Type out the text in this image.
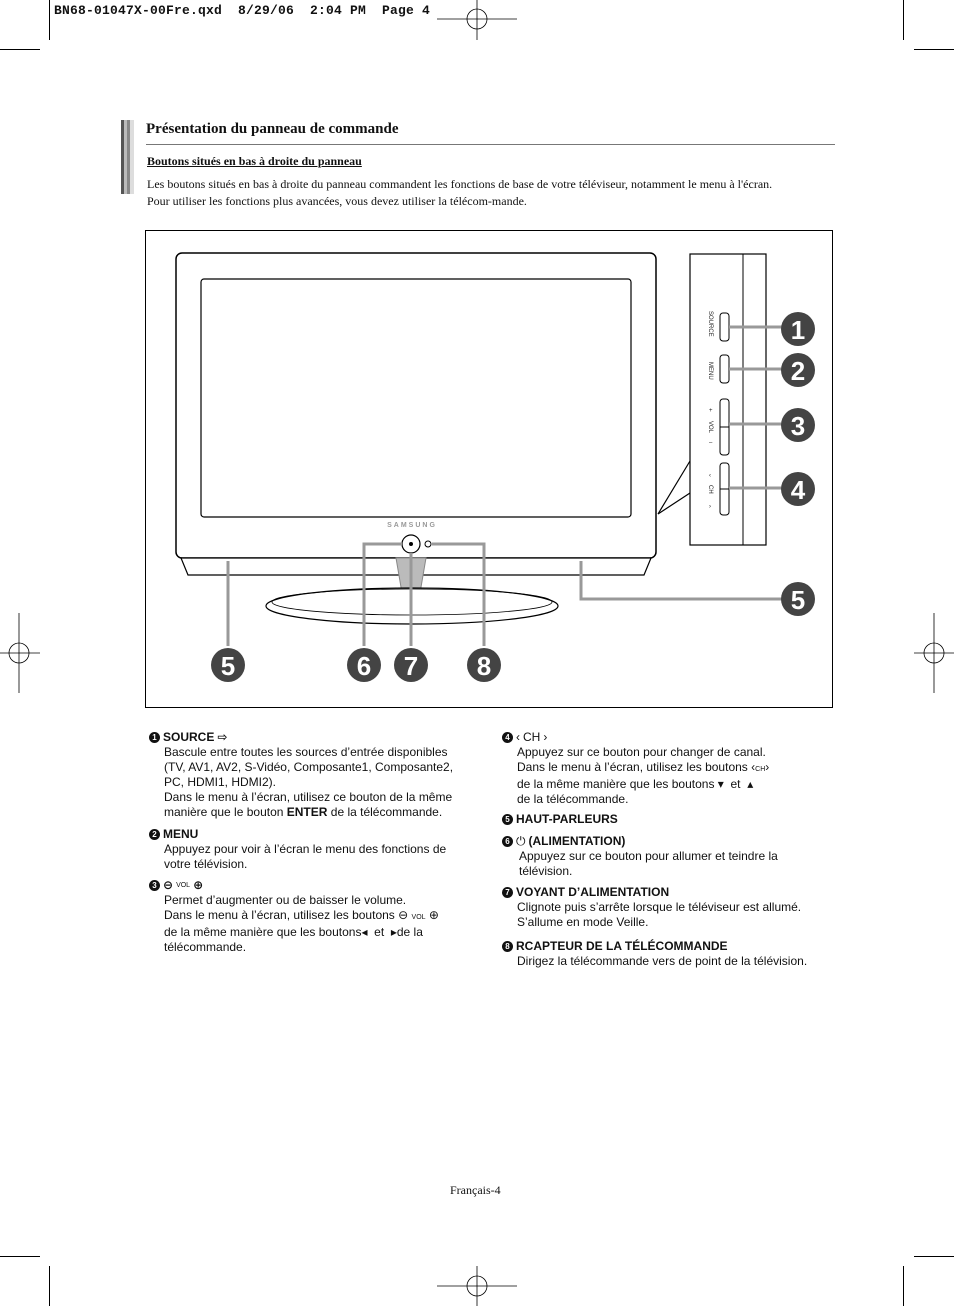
BN68-01047X-00Fre.qxd  8/29/06  2:04 PM  Page 4
Présentation du panneau de commande
Boutons situés en bas à droite du panneau

Les boutons situés en bas à droite du panneau commandent les fonctions de base de votre téléviseur, notamment le menu à l'écran.

Pour utiliser les fonctions plus avancées, vous devez utiliser la télécom-mande.

SAMSUNG
SOURCE
MENU
VOL
CH
+
–
‹
›
1
2
3
4
5
5	6 7 8
1 SOURCE ⇨

Bascule entre toutes les sources d’entrée disponibles

(TV, AV1, AV2, S-Vidéo, Composante1, Composante2,

PC, HDMI1, HDMI2).

Dans le menu à l’écran, utilisez ce bouton de la même

manière que le bouton ENTER de la télécommande.

2 MENU

Appuyez pour voir à l’écran le menu des fonctions de

votre télévision.

3 ⊖ VOL ⊕

Permet d’augmenter ou de baisser le volume.

Dans le menu à l’écran, utilisez les boutons ⊖ VOL ⊕

de la même manière que les boutons◂ et ▸de la

télécommande.

4 ‹ CH ›

Appuyez sur ce bouton pour changer de canal.

Dans le menu à l’écran, utilisez les boutons ‹CH›

de la même manière que les boutons ▾ et ▴

de la télécommande.

5 HAUT-PARLEURS
6 ⏻ (ALIMENTATION)

Appuyez sur ce bouton pour allumer et teindre la

télévision.

7 VOYANT D’ALIMENTATION

Clignote puis s’arrête lorsque le téléviseur est allumé.

S’allume en mode Veille.

8 RCAPTEUR DE LA TÉLÉCOMMANDE

Dirigez la télécommande vers de point de la télévision.

Français-4
